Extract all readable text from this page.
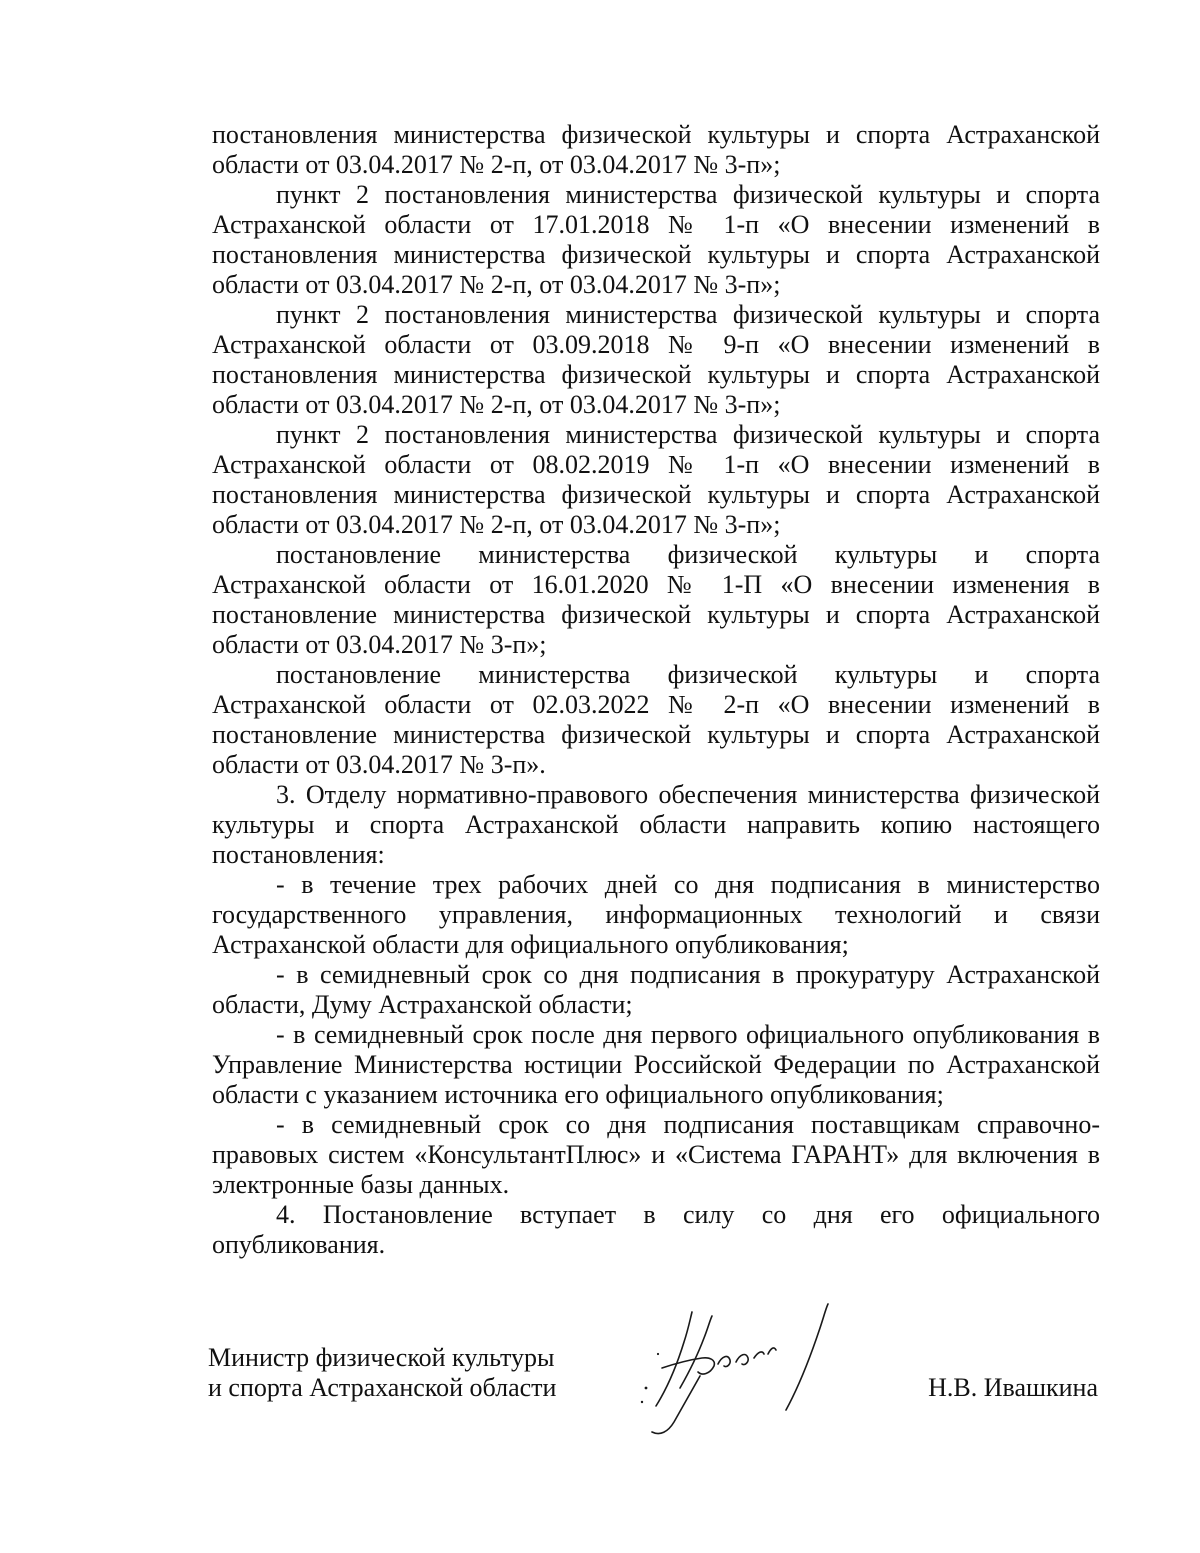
постановления министерства физической культуры и спорта Астраханской области от 03.04.2017 № 2-п, от 03.04.2017 № 3-п»;

пункт 2 постановления министерства физической культуры и спорта Астраханской области от 17.01.2018 № 1-п «О внесении изменений в постановления министерства физической культуры и спорта Астраханской области от 03.04.2017 № 2-п, от 03.04.2017 № 3-п»;

пункт 2 постановления министерства физической культуры и спорта Астраханской области от 03.09.2018 № 9-п «О внесении изменений в постановления министерства физической культуры и спорта Астраханской области от 03.04.2017 № 2-п, от 03.04.2017 № 3-п»;

пункт 2 постановления министерства физической культуры и спорта Астраханской области от 08.02.2019 № 1-п «О внесении изменений в постановления министерства физической культуры и спорта Астраханской области от 03.04.2017 № 2-п, от 03.04.2017 № 3-п»;

постановление министерства физической культуры и спорта Астраханской области от 16.01.2020 № 1-П «О внесении изменения в постановление министерства физической культуры и спорта Астраханской области от 03.04.2017 № 3-п»;

постановление министерства физической культуры и спорта Астраханской области от 02.03.2022 № 2-п «О внесении изменений в постановление министерства физической культуры и спорта Астраханской области от 03.04.2017 № 3-п».

3. Отделу нормативно-правового обеспечения министерства физической культуры и спорта Астраханской области направить копию настоящего постановления:

- в течение трех рабочих дней со дня подписания в министерство государственного управления, информационных технологий и связи Астраханской области для официального опубликования;

- в семидневный срок со дня подписания в прокуратуру Астраханской области, Думу Астраханской области;

- в семидневный срок после дня первого официального опубликования в Управление Министерства юстиции Российской Федерации по Астраханской области с указанием источника его официального опубликования;

- в семидневный срок со дня подписания поставщикам справочно-правовых систем «КонсультантПлюс» и «Система ГАРАНТ» для включения в электронные базы данных.

4. Постановление вступает в силу со дня его официального опубликования.

Министр физической культуры
и спорта Астраханской области	Н.В. Ивашкина
